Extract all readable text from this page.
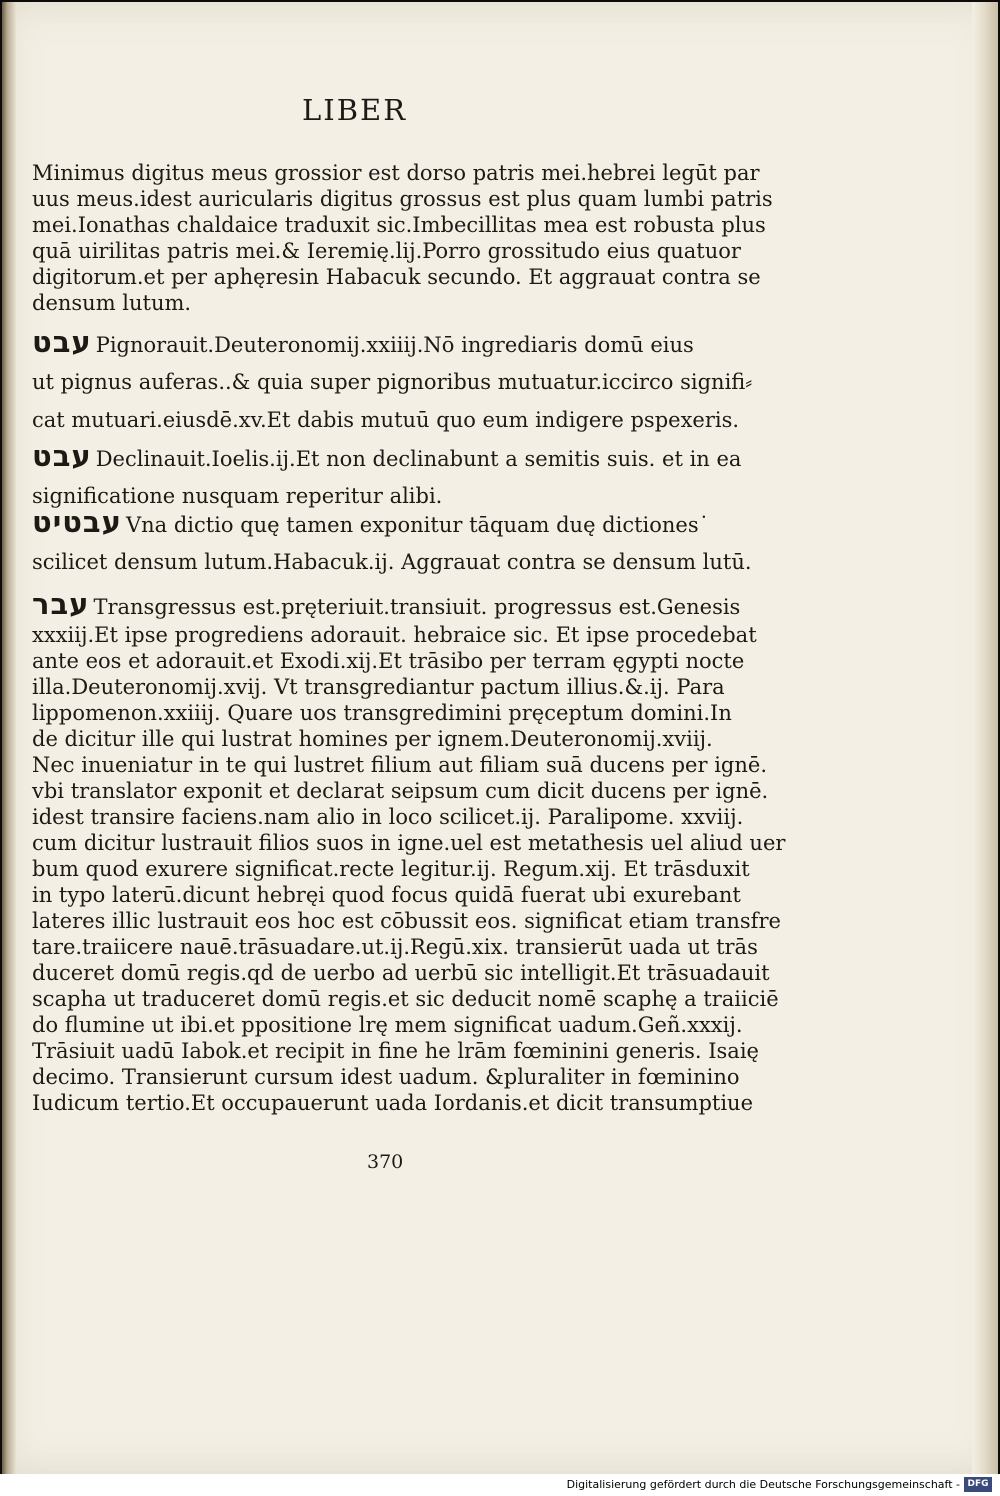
LIBER
Minimus digitus meus grossior est dorso patris mei.hebrei legūt par
uus meus.idest auricularis digitus grossus est plus quam lumbi patris
mei.Ionathas chaldaice traduxit sic.Imbecillitas mea est robusta plus
quā uirilitas patris mei.& Ieremię.lij.Porro grossitudo eius quatuor
digitorum.et per aphęresin Habacuk secundo. Et aggrauat contra se
densum lutum.
עבט Pignorauit.Deuteronomij.xxiiij.Nō ingrediaris domū eius
ut pignus auferas..& quia super pignoribus mutuatur.iccirco signifi⸗
cat mutuari.eiusdē.xv.Et dabis mutuū quo eum indigere pspexeris.
עבט Declinauit.Ioelis.ij.Et non declinabunt a semitis suis. et in ea
significatione nusquam reperitur alibi.
עבטיט Vna dictio quę tamen exponitur tāquam duę dictiones˙
scilicet densum lutum.Habacuk.ij. Aggrauat contra se densum lutū.
עבר Transgressus est.pręteriuit.transiuit. progressus est.Genesis
xxxiij.Et ipse progrediens adorauit. hebraice sic. Et ipse procedebat
ante eos et adorauit.et Exodi.xij.Et trāsibo per terram ęgypti nocte
illa.Deuteronomij.xvij. Vt transgrediantur pactum illius.&.ij. Para
lippomenon.xxiiij. Quare uos transgredimini pręceptum domini.In
de dicitur ille qui lustrat homines per ignem.Deuteronomij.xviij.
Nec inueniatur in te qui lustret filium aut filiam suā ducens per ignē.
vbi translator exponit et declarat seipsum cum dicit ducens per ignē.
idest transire faciens.nam alio in loco scilicet.ij. Paralipome. xxviij.
cum dicitur lustrauit filios suos in igne.uel est metathesis uel aliud uer
bum quod exurere significat.recte legitur.ij. Regum.xij. Et trāsduxit
in typo laterū.dicunt hebręi quod focus quidā fuerat ubi exurebant
lateres illic lustrauit eos hoc est cōbussit eos. significat etiam transfre
tare.traiicere nauē.trāsuadare.ut.ij.Regū.xix. transierūt uada ut trās
duceret domū regis.qd de uerbo ad uerbū sic intelligit.Et trāsuadauit
scapha ut traduceret domū regis.et sic deducit nomē scaphę a traiiciē
do flumine ut ibi.et ppositione lrę mem significat uadum.Geñ.xxxij.
Trāsiuit uadū Iabok.et recipit in fine he lrām fœminini generis. Isaię
decimo. Transierunt cursum idest uadum. &pluraliter in fœminino
Iudicum tertio.Et occupauerunt uada Iordanis.et dicit transumptiue
370
Digitalisierung gefördert durch die Deutsche Forschungsgemeinschaft - DFG
